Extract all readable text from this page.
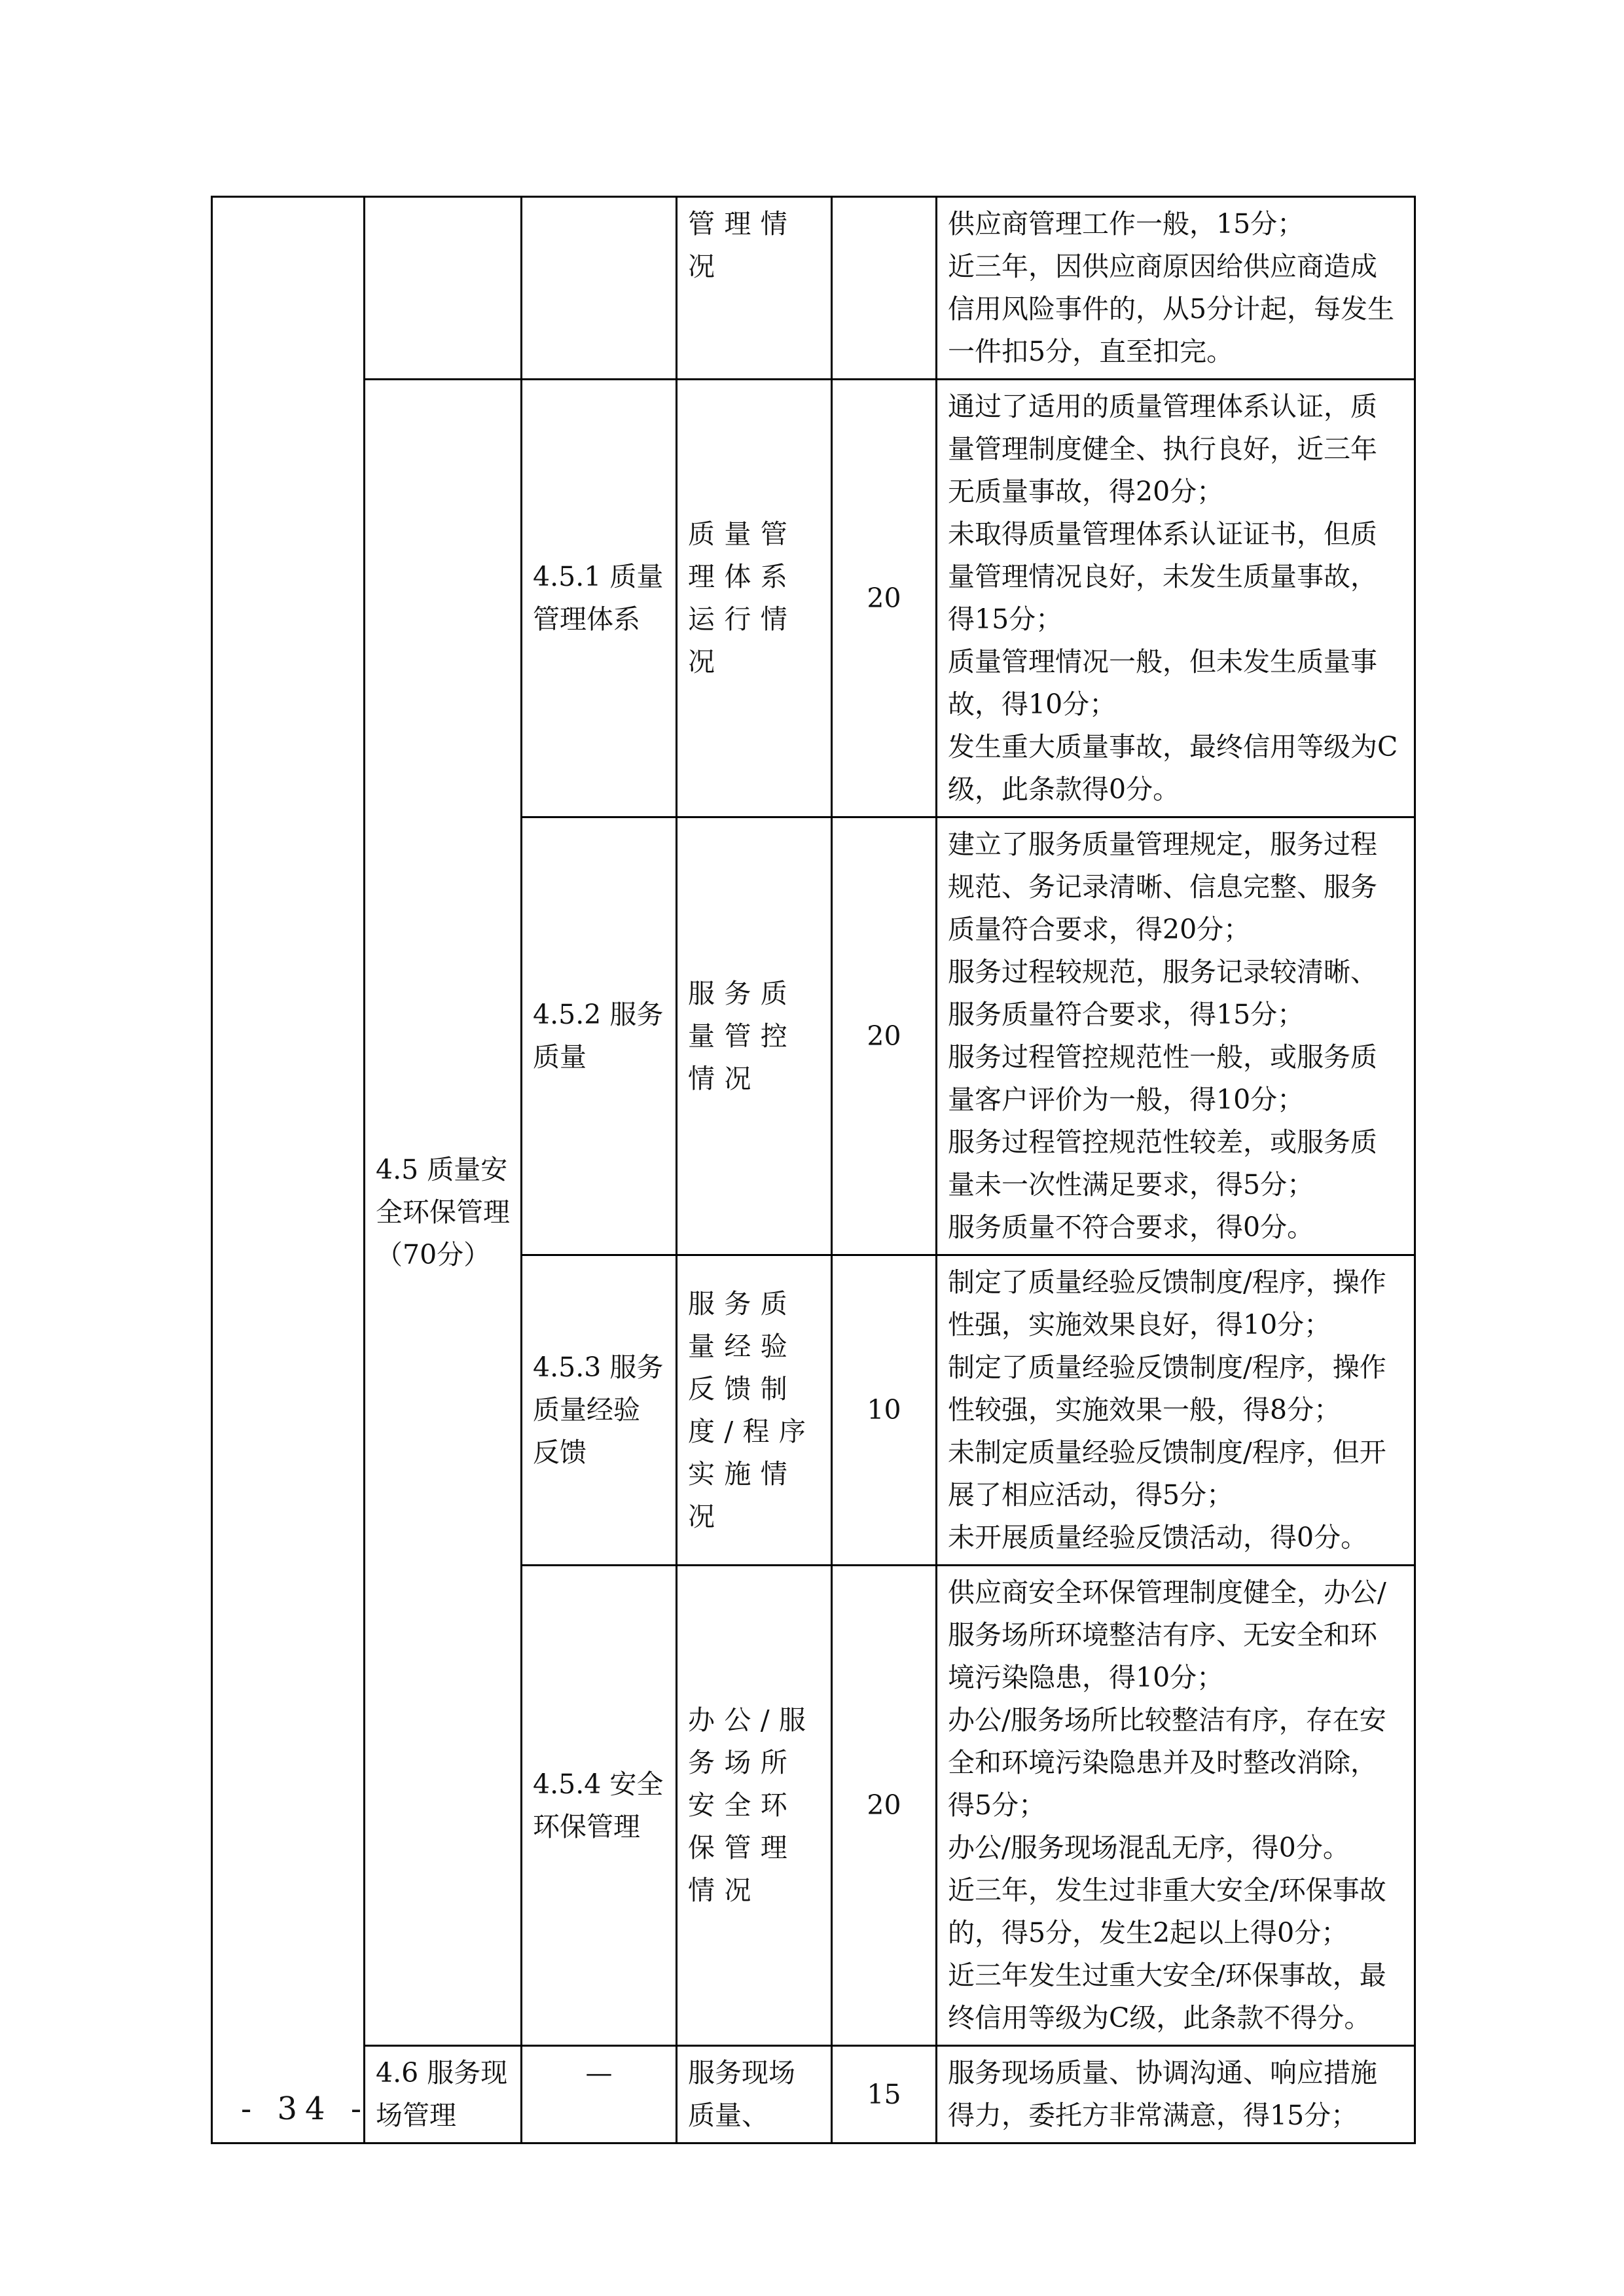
			管理情况		供应商管理工作一般，15分；
近三年，因供应商原因给供应商造成信用风险事件的，从5分计起，每发生一件扣5分，直至扣完。

	4.5 质量安全环保管理（70分）	4.5.1 质量管理体系	质量管理体系运行情况	20	通过了适用的质量管理体系认证，质量管理制度健全、执行良好，近三年无质量事故，得20分；
未取得质量管理体系认证证书，但质量管理情况良好，未发生质量事故，得15分；
质量管理情况一般，但未发生质量事故，得10分；
发生重大质量事故，最终信用等级为C级，此条款得0分。

		4.5.2 服务质量	服务质量管控情况	20	建立了服务质量管理规定，服务过程规范、务记录清晰、信息完整、服务质量符合要求，得20分；
服务过程较规范，服务记录较清晰、服务质量符合要求，得15分；
服务过程管控规范性一般，或服务质量客户评价为一般，得10分；
服务过程管控规范性较差，或服务质量未一次性满足要求，得5分；
服务质量不符合要求，得0分。

		4.5.3 服务质量经验反馈	服务质量经验反馈制度/程序实施情况	10	制定了质量经验反馈制度/程序，操作性强，实施效果良好，得10分；
制定了质量经验反馈制度/程序，操作性较强，实施效果一般，得8分；
未制定质量经验反馈制度/程序，但开展了相应活动，得5分；
未开展质量经验反馈活动，得0分。

		4.5.4 安全环保管理	办公/服务场所安全环保管理情况	20	供应商安全环保管理制度健全，办公/服务场所环境整洁有序、无安全和环境污染隐患，得10分；
办公/服务场所比较整洁有序，存在安全和环境污染隐患并及时整改消除，得5分；
办公/服务现场混乱无序，得0分。
近三年，发生过非重大安全/环保事故的，得5分，发生2起以上得0分；
近三年发生过重大安全/环保事故，最终信用等级为C级，此条款不得分。

	4.6 服务现场管理	—	服务现场质量、	15	服务现场质量、协调沟通、响应措施得力，委托方非常满意，得15分；
- 34 -
